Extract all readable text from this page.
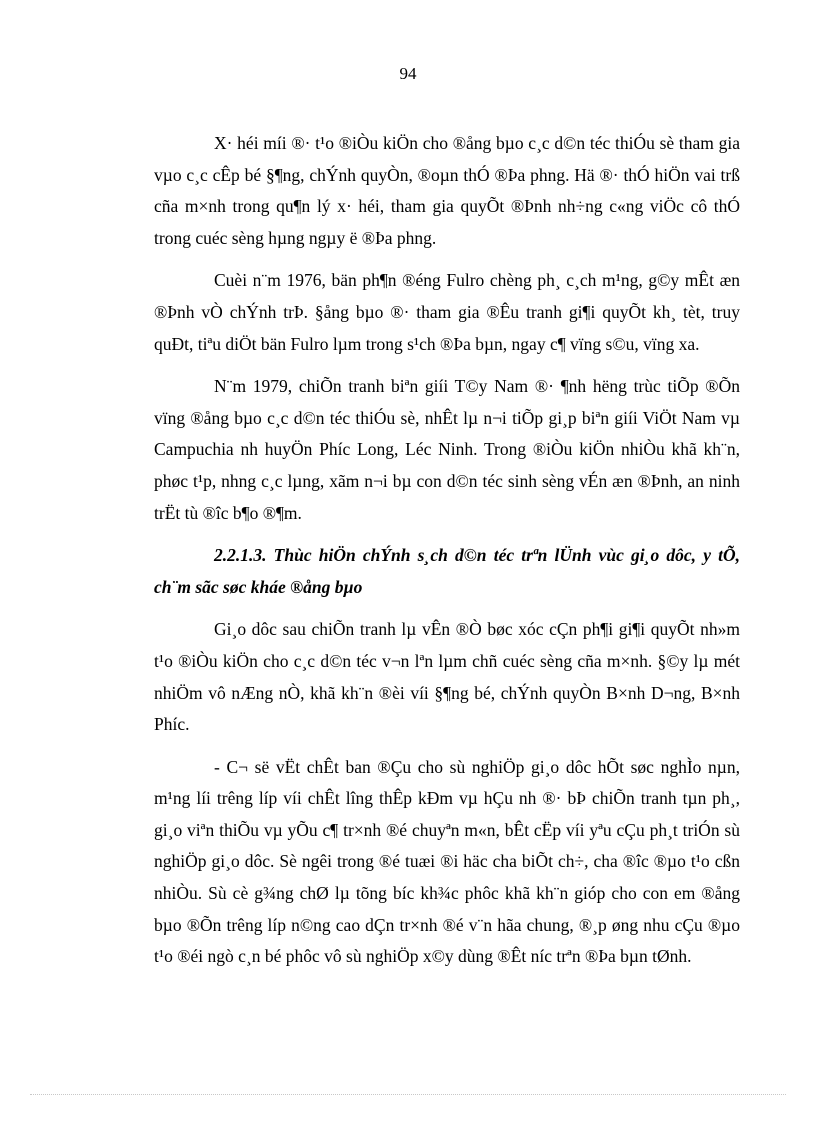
94

X· héi míi ®· t¹o ®iÒu kiÖn cho ®ång bµo c¸c d©n téc thiÓu sè tham gia vµo c¸c cÊp bé §¶ng, chÝnh quyÒn, ®oµn thÓ ®Þa phng. Hä ®· thÓ hiÖn vai trß cña m×nh trong qu¶n lý x· héi, tham gia quyÕt ®Þnh nh÷ng c«ng viÖc cô thÓ trong cuéc sèng hµng ngµy ë ®Þa phng.

Cuèi n¨m 1976, bän ph¶n ®éng Fulro chèng ph¸ c¸ch m¹ng, g©y mÊt æn ®Þnh vÒ chÝnh trÞ. §ång bµo ®· tham gia ®Êu tranh gi¶i quyÕt kh¸ tèt, truy quÐt, tiªu diÖt bän Fulro lµm trong s¹ch ®Þa bµn, ngay c¶ vïng s©u, vïng xa.

N¨m 1979, chiÕn tranh biªn giíi T©y Nam ®· ¶nh hëng trùc tiÕp ®Õn vïng ®ång bµo c¸c d©n téc thiÓu sè, nhÊt lµ n¬i tiÕp gi¸p biªn giíi ViÖt Nam vµ Campuchia nh huyÖn Phíc Long, Léc Ninh. Trong ®iÒu kiÖn nhiÒu khã kh¨n, phøc t¹p, nhng c¸c lµng, xãm n¬i bµ con d©n téc sinh sèng vÉn æn ®Þnh, an ninh trËt tù ®îc b¶o ®¶m.

2.2.1.3. Thùc hiÖn chÝnh s¸ch d©n téc trªn lÜnh vùc gi¸o dôc, y tÕ, ch¨m sãc søc kháe ®ång bµo

Gi¸o dôc sau chiÕn tranh lµ vÊn ®Ò bøc xóc cÇn ph¶i gi¶i quyÕt nh»m t¹o ®iÒu kiÖn cho c¸c d©n téc v¬n lªn lµm chñ cuéc sèng cña m×nh. §©y lµ mét nhiÖm vô nÆng nÒ, khã kh¨n ®èi víi §¶ng bé, chÝnh quyÒn B×nh D¬ng, B×nh Phíc.

- C¬ së vËt chÊt ban ®Çu cho sù nghiÖp gi¸o dôc hÕt søc nghÌo nµn, m¹ng líi trêng líp víi chÊt lîng thÊp kÐm vµ hÇu nh ®· bÞ chiÕn tranh tµn ph¸, gi¸o viªn thiÕu vµ yÕu c¶ tr×nh ®é chuyªn m«n, bÊt cËp víi yªu cÇu ph¸t triÓn sù nghiÖp gi¸o dôc. Sè ngêi trong ®é tuæi ®i häc cha biÕt ch÷, cha ®îc ®µo t¹o cßn nhiÒu. Sù cè g¾ng chØ lµ tõng bíc kh¾c phôc khã kh¨n gióp cho con em ®ång bµo ®Õn trêng líp n©ng cao dÇn tr×nh ®é v¨n hãa chung, ®¸p øng nhu cÇu ®µo t¹o ®éi ngò c¸n bé phôc vô sù nghiÖp x©y dùng ®Êt níc trªn ®Þa bµn tØnh.
